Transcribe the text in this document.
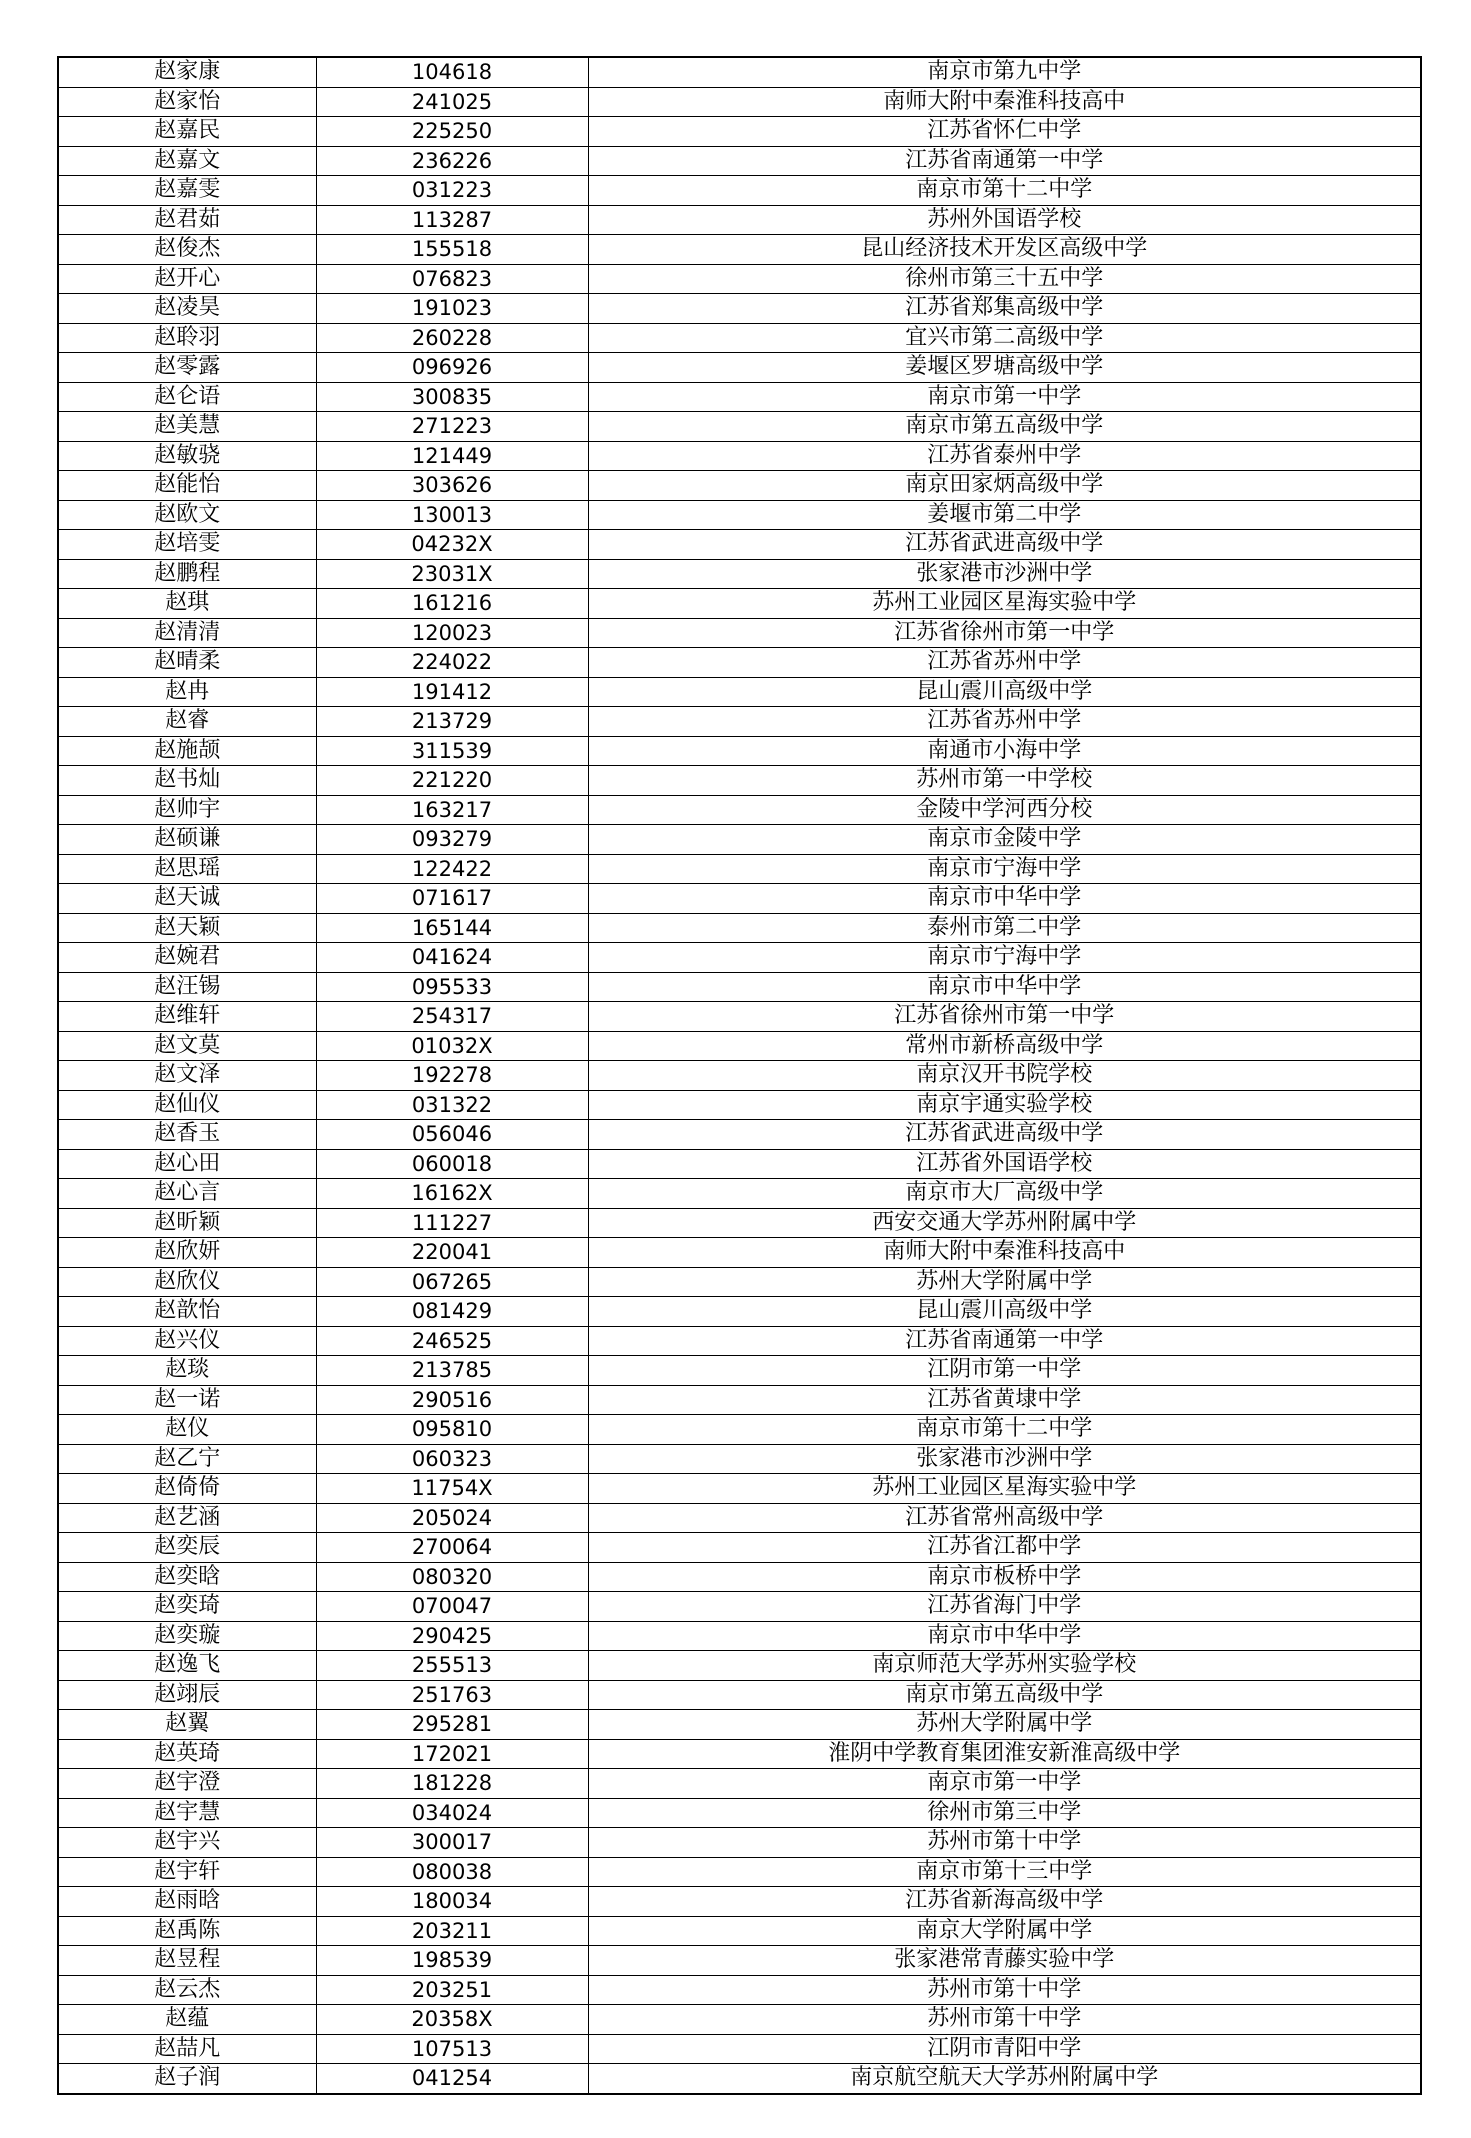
赵家康	104618	南京市第九中学
赵家怡	241025	南师大附中秦淮科技高中
赵嘉民	225250	江苏省怀仁中学
赵嘉文	236226	江苏省南通第一中学
赵嘉雯	031223	南京市第十二中学
赵君茹	113287	苏州外国语学校
赵俊杰	155518	昆山经济技术开发区高级中学
赵开心	076823	徐州市第三十五中学
赵凌昊	191023	江苏省郑集高级中学
赵聆羽	260228	宜兴市第二高级中学
赵零露	096926	姜堰区罗塘高级中学
赵仑语	300835	南京市第一中学
赵美慧	271223	南京市第五高级中学
赵敏骁	121449	江苏省泰州中学
赵能怡	303626	南京田家炳高级中学
赵欧文	130013	姜堰市第二中学
赵培雯	04232X	江苏省武进高级中学
赵鹏程	23031X	张家港市沙洲中学
赵琪	161216	苏州工业园区星海实验中学
赵清清	120023	江苏省徐州市第一中学
赵晴柔	224022	江苏省苏州中学
赵冉	191412	昆山震川高级中学
赵睿	213729	江苏省苏州中学
赵施颉	311539	南通市小海中学
赵书灿	221220	苏州市第一中学校
赵帅宇	163217	金陵中学河西分校
赵硕谦	093279	南京市金陵中学
赵思瑶	122422	南京市宁海中学
赵天诚	071617	南京市中华中学
赵天颖	165144	泰州市第二中学
赵婉君	041624	南京市宁海中学
赵汪锡	095533	南京市中华中学
赵维轩	254317	江苏省徐州市第一中学
赵文莫	01032X	常州市新桥高级中学
赵文泽	192278	南京汉开书院学校
赵仙仪	031322	南京宇通实验学校
赵香玉	056046	江苏省武进高级中学
赵心田	060018	江苏省外国语学校
赵心言	16162X	南京市大厂高级中学
赵昕颖	111227	西安交通大学苏州附属中学
赵欣妍	220041	南师大附中秦淮科技高中
赵欣仪	067265	苏州大学附属中学
赵歆怡	081429	昆山震川高级中学
赵兴仪	246525	江苏省南通第一中学
赵琰	213785	江阴市第一中学
赵一诺	290516	江苏省黄埭中学
赵仪	095810	南京市第十二中学
赵乙宁	060323	张家港市沙洲中学
赵倚倚	11754X	苏州工业园区星海实验中学
赵艺涵	205024	江苏省常州高级中学
赵奕辰	270064	江苏省江都中学
赵奕晗	080320	南京市板桥中学
赵奕琦	070047	江苏省海门中学
赵奕璇	290425	南京市中华中学
赵逸飞	255513	南京师范大学苏州实验学校
赵翊辰	251763	南京市第五高级中学
赵翼	295281	苏州大学附属中学
赵英琦	172021	淮阴中学教育集团淮安新淮高级中学
赵宇澄	181228	南京市第一中学
赵宇慧	034024	徐州市第三中学
赵宇兴	300017	苏州市第十中学
赵宇轩	080038	南京市第十三中学
赵雨晗	180034	江苏省新海高级中学
赵禹陈	203211	南京大学附属中学
赵昱程	198539	张家港常青藤实验中学
赵云杰	203251	苏州市第十中学
赵蕴	20358X	苏州市第十中学
赵喆凡	107513	江阴市青阳中学
赵子润	041254	南京航空航天大学苏州附属中学
